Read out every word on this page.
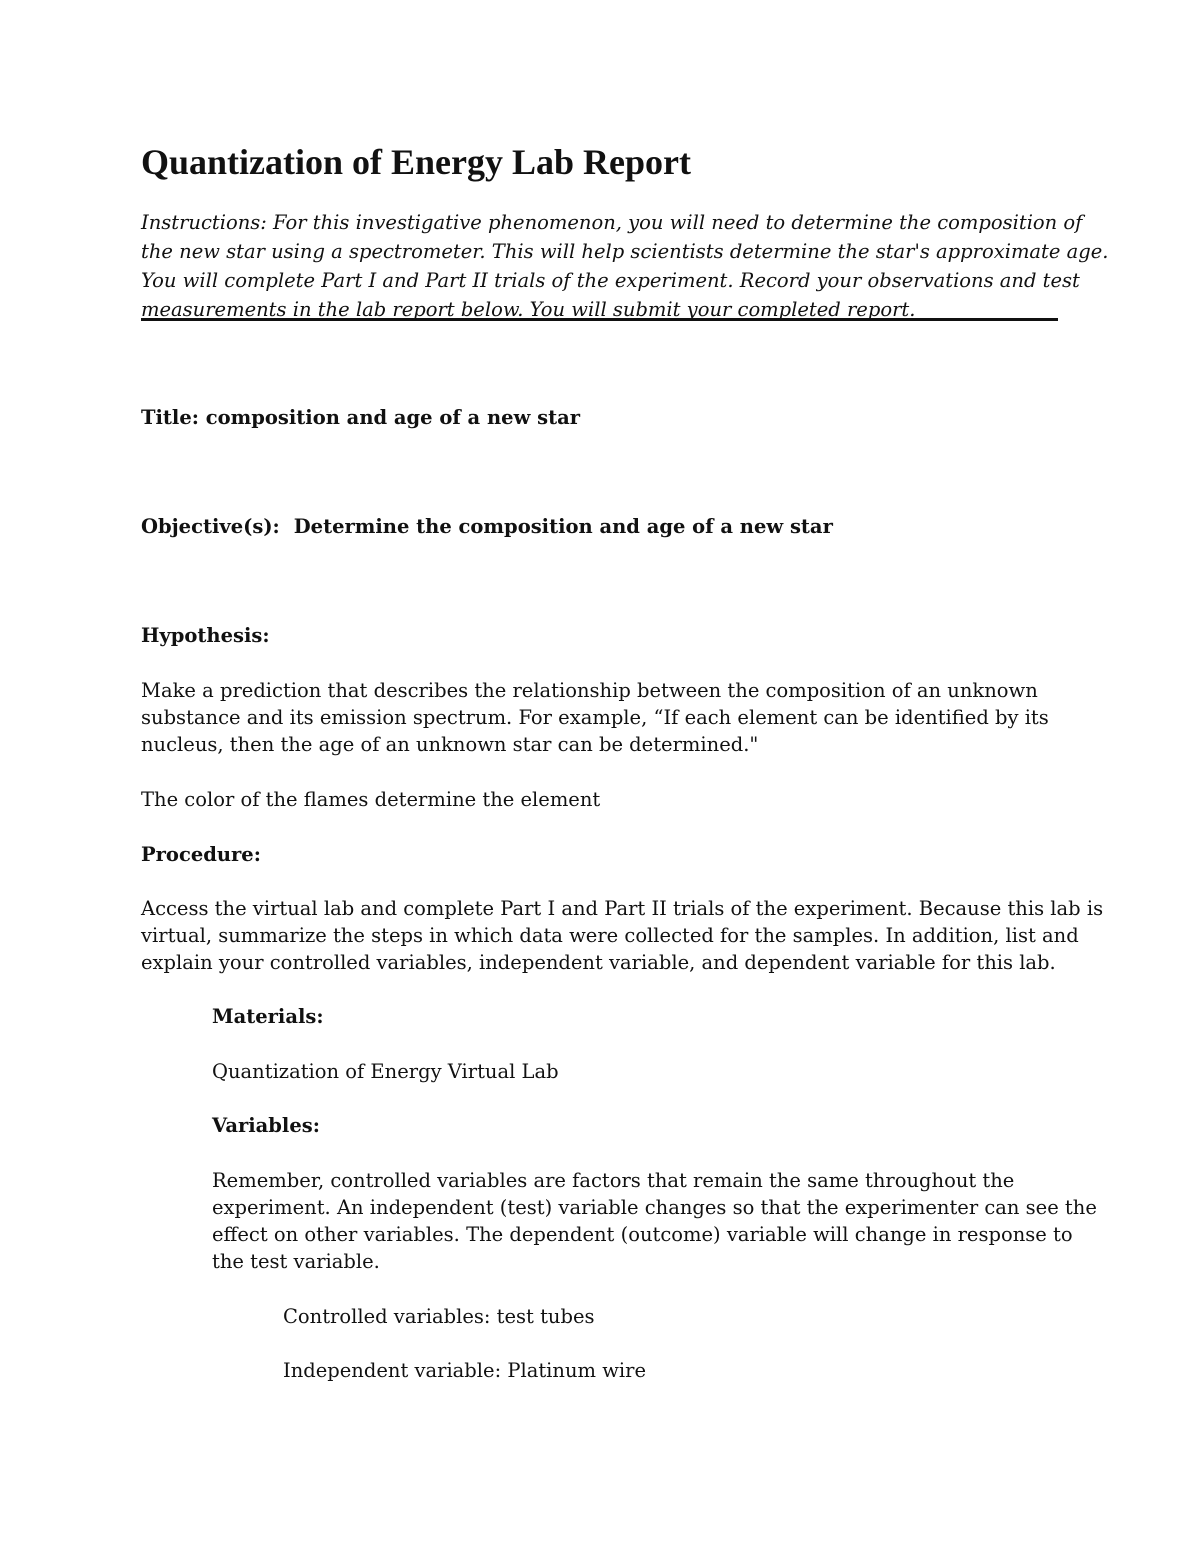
Quantization of Energy Lab Report
Instructions: For this investigative phenomenon, you will need to determine the composition of
the new star using a spectrometer. This will help scientists determine the star's approximate age.
You will complete Part I and Part II trials of the experiment. Record your observations and test
measurements in the lab report below. You will submit your completed report.

Title: composition and age of a new star

Objective(s): Determine the composition and age of a new star

Hypothesis:

Make a prediction that describes the relationship between the composition of an unknown
substance and its emission spectrum. For example, “If each element can be identified by its
nucleus, then the age of an unknown star can be determined."

The color of the flames determine the element

Procedure:

Access the virtual lab and complete Part I and Part II trials of the experiment. Because this lab is
virtual, summarize the steps in which data were collected for the samples. In addition, list and
explain your controlled variables, independent variable, and dependent variable for this lab.

Materials:

Quantization of Energy Virtual Lab

Variables:

Remember, controlled variables are factors that remain the same throughout the
experiment. An independent (test) variable changes so that the experimenter can see the
effect on other variables. The dependent (outcome) variable will change in response to
the test variable.

Controlled variables: test tubes

Independent variable: Platinum wire
